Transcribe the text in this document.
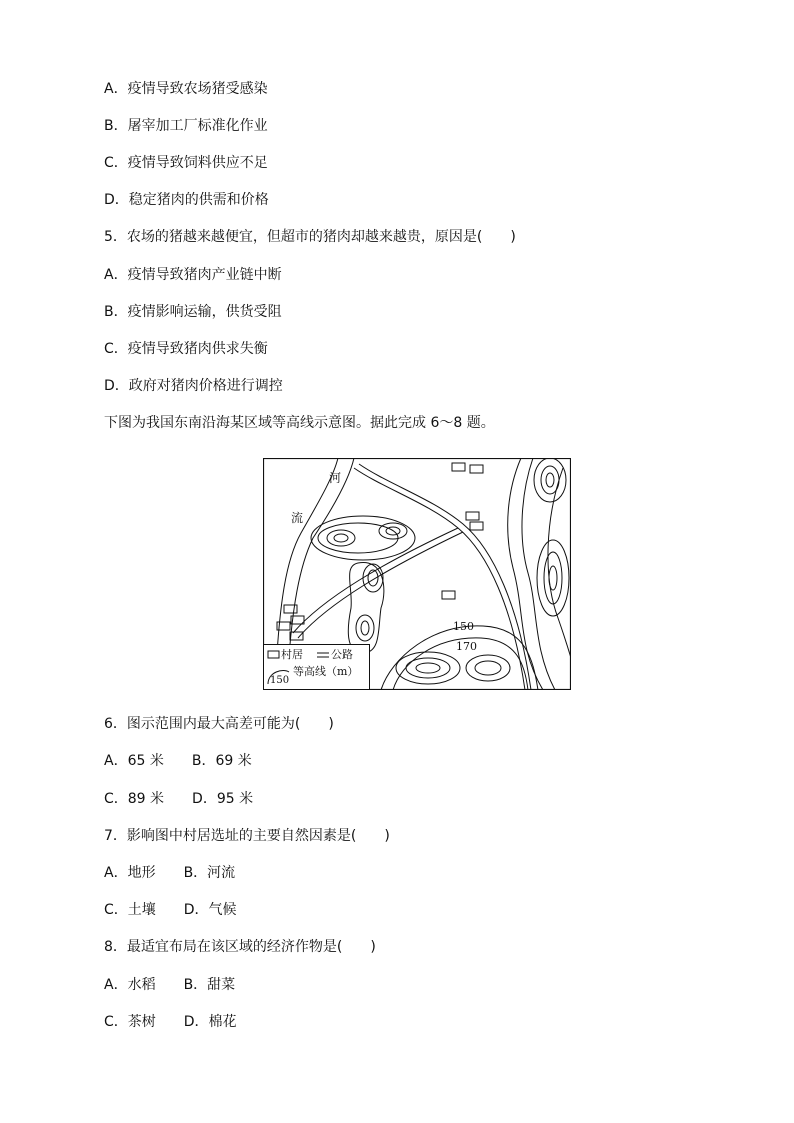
A．疫情导致农场猪受感染
B．屠宰加工厂标准化作业
C．疫情导致饲料供应不足
D．稳定猪肉的供需和价格
5．农场的猪越来越便宜，但超市的猪肉却越来越贵，原因是(　　)
A．疫情导致猪肉产业链中断
B．疫情影响运输，供货受阻
C．疫情导致猪肉供求失衡
D．政府对猪肉价格进行调控
下图为我国东南沿海某区域等高线示意图。据此完成 6～8 题。
河
流
150
170
村居	公路
150
等高线（m）
6．图示范围内最大高差可能为(　　)
A．65 米　　B．69 米
C．89 米　　D．95 米
7．影响图中村居选址的主要自然因素是(　　)
A．地形　　B．河流
C．土壤　　D．气候
8．最适宜布局在该区域的经济作物是(　　)
A．水稻　　B．甜菜
C．茶树　　D．棉花
